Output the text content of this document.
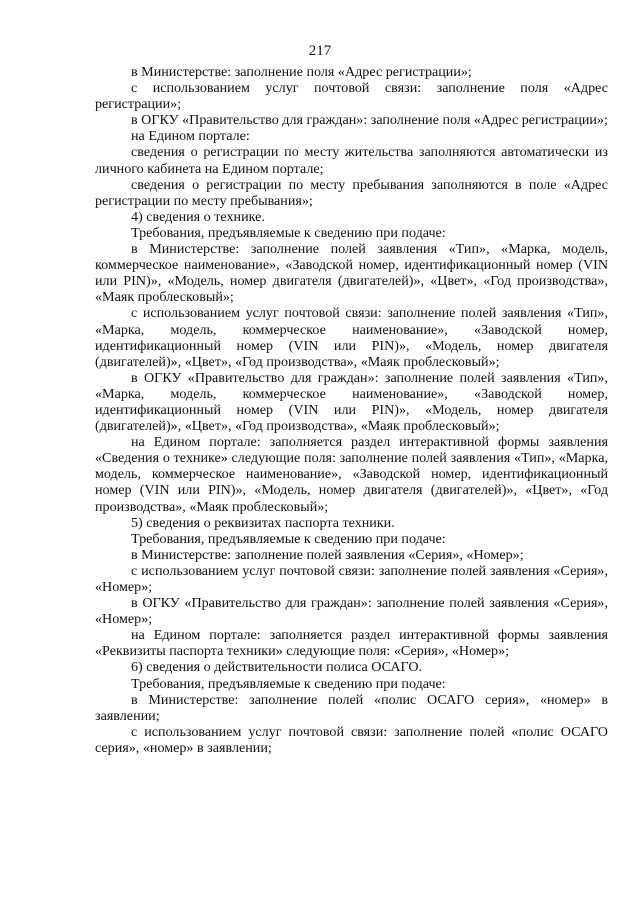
217

в Министерстве: заполнение поля «Адрес регистрации»;

с использованием услуг почтовой связи: заполнение поля «Адрес регистрации»;

в ОГКУ «Правительство для граждан»: заполнение поля «Адрес регистрации»;

на Едином портале:

сведения о регистрации по месту жительства заполняются автоматически из личного кабинета на Едином портале;

сведения о регистрации по месту пребывания заполняются в поле «Адрес регистрации по месту пребывания»;

4) сведения о технике.

Требования, предъявляемые к сведению при подаче:

в Министерстве: заполнение полей заявления «Тип», «Марка, модель, коммерческое наименование», «Заводской номер, идентификационный номер (VIN или PIN)», «Модель, номер двигателя (двигателей)», «Цвет», «Год производства», «Маяк проблесковый»;

с использованием услуг почтовой связи: заполнение полей заявления «Тип», «Марка, модель, коммерческое наименование», «Заводской номер, идентификационный номер (VIN или PIN)», «Модель, номер двигателя (двигателей)», «Цвет», «Год производства», «Маяк проблесковый»;

в ОГКУ «Правительство для граждан»: заполнение полей заявления «Тип», «Марка, модель, коммерческое наименование», «Заводской номер, идентификационный номер (VIN или PIN)», «Модель, номер двигателя (двигателей)», «Цвет», «Год производства», «Маяк проблесковый»;

на Едином портале: заполняется раздел интерактивной формы заявления «Сведения о технике» следующие поля: заполнение полей заявления «Тип», «Марка, модель, коммерческое наименование», «Заводской номер, идентификационный номер (VIN или PIN)», «Модель, номер двигателя (двигателей)», «Цвет», «Год производства», «Маяк проблесковый»;

5) сведения о реквизитах паспорта техники.

Требования, предъявляемые к сведению при подаче:

в Министерстве: заполнение полей заявления «Серия», «Номер»;

с использованием услуг почтовой связи: заполнение полей заявления «Серия», «Номер»;

в ОГКУ «Правительство для граждан»: заполнение полей заявления «Серия», «Номер»;

на Едином портале: заполняется раздел интерактивной формы заявления «Реквизиты паспорта техники» следующие поля: «Серия», «Номер»;

6) сведения о действительности полиса ОСАГО.

Требования, предъявляемые к сведению при подаче:

в Министерстве: заполнение полей «полис ОСАГО серия», «номер» в заявлении;

с использованием услуг почтовой связи: заполнение полей «полис ОСАГО серия», «номер» в заявлении;
